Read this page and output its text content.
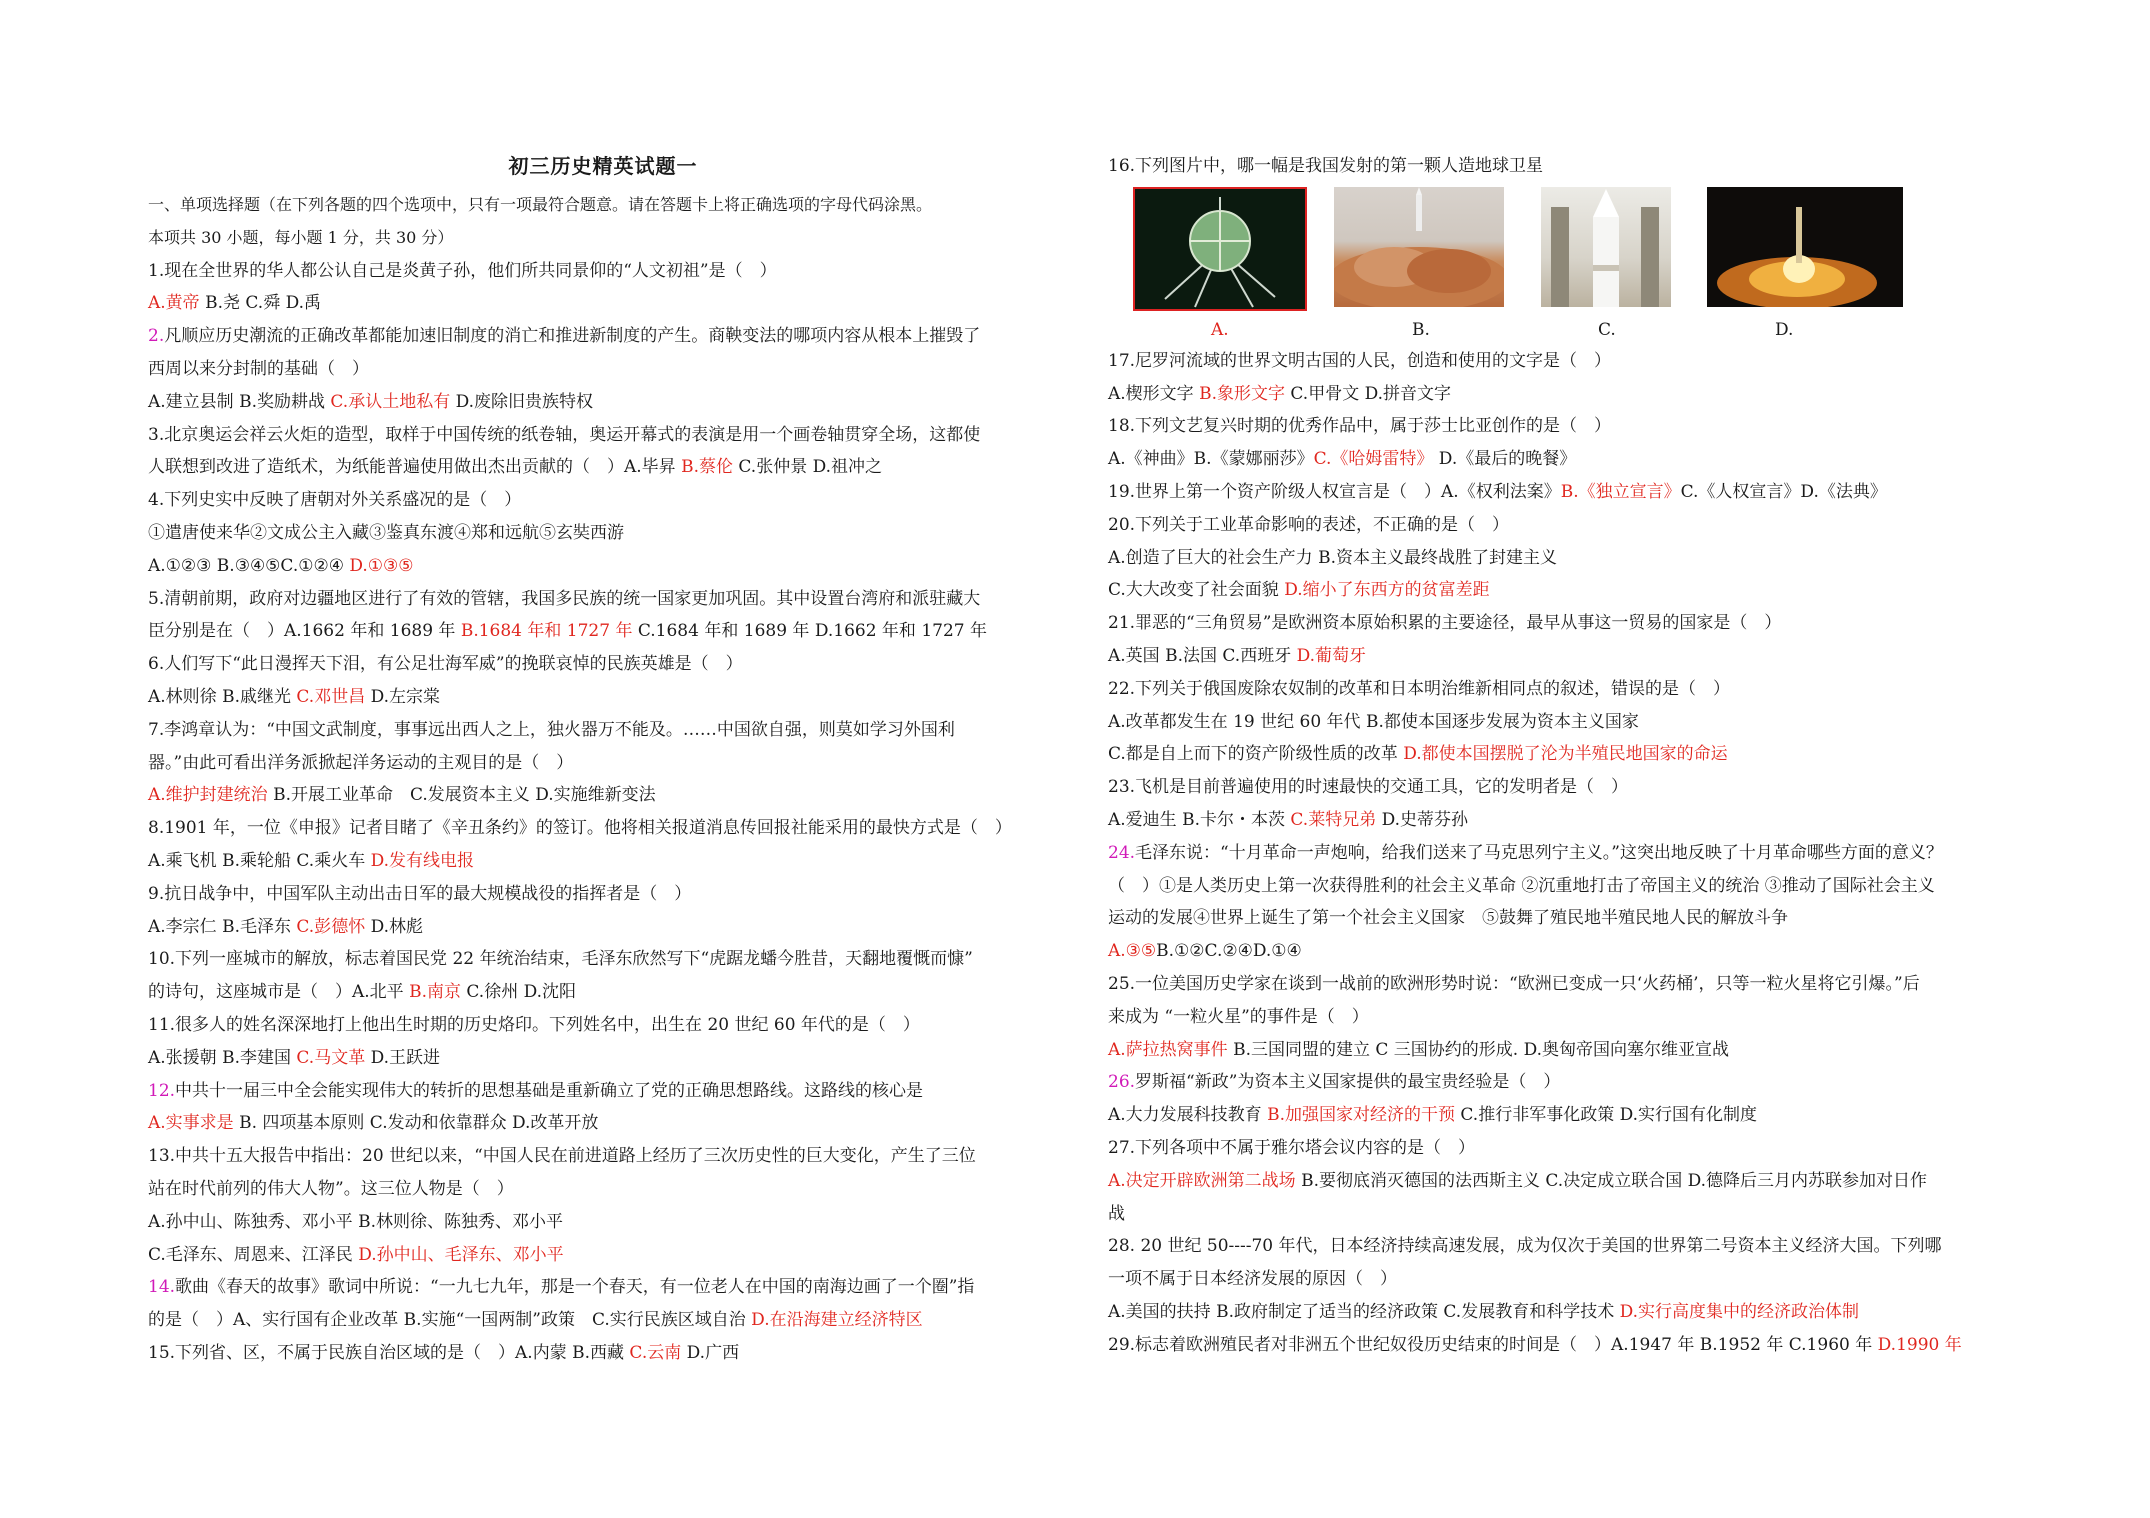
初三历史精英试题一
一、单项选择题（在下列各题的四个选项中，只有一项最符合题意。请在答题卡上将正确选项的字母代码涂黑。
本项共 30 小题，每小题 1 分，共 30 分）
1.现在全世界的华人都公认自己是炎黄子孙，他们所共同景仰的“人文初祖”是（　）
A.黄帝 B.尧 C.舜 D.禹
2.凡顺应历史潮流的正确改革都能加速旧制度的消亡和推进新制度的产生。商鞅变法的哪项内容从根本上摧毁了
西周以来分封制的基础（　）
A.建立县制 B.奖励耕战 C.承认土地私有 D.废除旧贵族特权
3.北京奥运会祥云火炬的造型，取样于中国传统的纸卷轴，奥运开幕式的表演是用一个画卷轴贯穿全场，这都使
人联想到改进了造纸术，为纸能普遍使用做出杰出贡献的（　）A.毕昇 B.蔡伦 C.张仲景 D.祖冲之
4.下列史实中反映了唐朝对外关系盛况的是（　）
①遣唐使来华②文成公主入藏③鉴真东渡④郑和远航⑤玄奘西游
A.①②③ B.③④⑤C.①②④ D.①③⑤
5.清朝前期，政府对边疆地区进行了有效的管辖，我国多民族的统一国家更加巩固。其中设置台湾府和派驻藏大
臣分别是在（　）A.1662 年和 1689 年 B.1684 年和 1727 年 C.1684 年和 1689 年 D.1662 年和 1727 年
6.人们写下“此日漫挥天下泪，有公足壮海军威”的挽联哀悼的民族英雄是（　）
A.林则徐 B.戚继光 C.邓世昌 D.左宗棠
7.李鸿章认为：“中国文武制度，事事远出西人之上，独火器万不能及。……中国欲自强，则莫如学习外国利
器。”由此可看出洋务派掀起洋务运动的主观目的是（　）
A.维护封建统治 B.开展工业革命　C.发展资本主义 D.实施维新变法
8.1901 年，一位《申报》记者目睹了《辛丑条约》的签订。他将相关报道消息传回报社能采用的最快方式是（　）
A.乘飞机 B.乘轮船 C.乘火车 D.发有线电报
9.抗日战争中，中国军队主动出击日军的最大规模战役的指挥者是（　）
A.李宗仁 B.毛泽东 C.彭德怀 D.林彪
10.下列一座城市的解放，标志着国民党 22 年统治结束，毛泽东欣然写下“虎踞龙蟠今胜昔，天翻地覆慨而慷”
的诗句，这座城市是（　）A.北平 B.南京 C.徐州 D.沈阳
11.很多人的姓名深深地打上他出生时期的历史烙印。下列姓名中，出生在 20 世纪 60 年代的是（　）
A.张援朝 B.李建国 C.马文革 D.王跃进
12.中共十一届三中全会能实现伟大的转折的思想基础是重新确立了党的正确思想路线。这路线的核心是
A.实事求是 B. 四项基本原则 C.发动和依靠群众 D.改革开放
13.中共十五大报告中指出：20 世纪以来，“中国人民在前进道路上经历了三次历史性的巨大变化，产生了三位
站在时代前列的伟大人物”。这三位人物是（　）
A.孙中山、陈独秀、邓小平 B.林则徐、陈独秀、邓小平
C.毛泽东、周恩来、江泽民 D.孙中山、毛泽东、邓小平
14.歌曲《春天的故事》歌词中所说：“一九七九年，那是一个春天，有一位老人在中国的南海边画了一个圈”指
的是（　）A、实行国有企业改革 B.实施“一国两制”政策　C.实行民族区域自治 D.在沿海建立经济特区
15.下列省、区，不属于民族自治区域的是（　）A.内蒙 B.西藏 C.云南 D.广西
16.下列图片中，哪一幅是我国发射的第一颗人造地球卫星
A.	B.	C.	D.
17.尼罗河流域的世界文明古国的人民，创造和使用的文字是（　）
A.楔形文字 B.象形文字 C.甲骨文 D.拼音文字
18.下列文艺复兴时期的优秀作品中，属于莎士比亚创作的是（　）
A.《神曲》B.《蒙娜丽莎》C.《哈姆雷特》 D.《最后的晚餐》
19.世界上第一个资产阶级人权宣言是（　）A.《权利法案》B.《独立宣言》C.《人权宣言》D.《法典》
20.下列关于工业革命影响的表述，不正确的是（　）
A.创造了巨大的社会生产力 B.资本主义最终战胜了封建主义
C.大大改变了社会面貌 D.缩小了东西方的贫富差距
21.罪恶的“三角贸易”是欧洲资本原始积累的主要途径，最早从事这一贸易的国家是（　）
A.英国 B.法国 C.西班牙 D.葡萄牙
22.下列关于俄国废除农奴制的改革和日本明治维新相同点的叙述，错误的是（　）
A.改革都发生在 19 世纪 60 年代 B.都使本国逐步发展为资本主义国家
C.都是自上而下的资产阶级性质的改革 D.都使本国摆脱了沦为半殖民地国家的命运
23.飞机是目前普遍使用的时速最快的交通工具，它的发明者是（　）
A.爱迪生 B.卡尔・本茨 C.莱特兄弟 D.史蒂芬孙
24.毛泽东说：“十月革命一声炮响，给我们送来了马克思列宁主义。”这突出地反映了十月革命哪些方面的意义？
（　）①是人类历史上第一次获得胜利的社会主义革命 ②沉重地打击了帝国主义的统治 ③推动了国际社会主义
运动的发展④世界上诞生了第一个社会主义国家　⑤鼓舞了殖民地半殖民地人民的解放斗争
A.③⑤B.①②C.②④D.①④
25.一位美国历史学家在谈到一战前的欧洲形势时说：“欧洲已变成一只‘火药桶’，只等一粒火星将它引爆。”后
来成为 “一粒火星”的事件是（　）
A.萨拉热窝事件 B.三国同盟的建立 C 三国协约的形成. D.奥匈帝国向塞尔维亚宣战
26.罗斯福“新政”为资本主义国家提供的最宝贵经验是（　）
A.大力发展科技教育 B.加强国家对经济的干预 C.推行非军事化政策 D.实行国有化制度
27.下列各项中不属于雅尔塔会议内容的是（　）
A.决定开辟欧洲第二战场 B.要彻底消灭德国的法西斯主义 C.决定成立联合国 D.德降后三月内苏联参加对日作
战
28. 20 世纪 50----70 年代，日本经济持续高速发展，成为仅次于美国的世界第二号资本主义经济大国。下列哪
一项不属于日本经济发展的原因（　）
A.美国的扶持 B.政府制定了适当的经济政策 C.发展教育和科学技术 D.实行高度集中的经济政治体制
29.标志着欧洲殖民者对非洲五个世纪奴役历史结束的时间是（　）A.1947 年 B.1952 年 C.1960 年 D.1990 年
